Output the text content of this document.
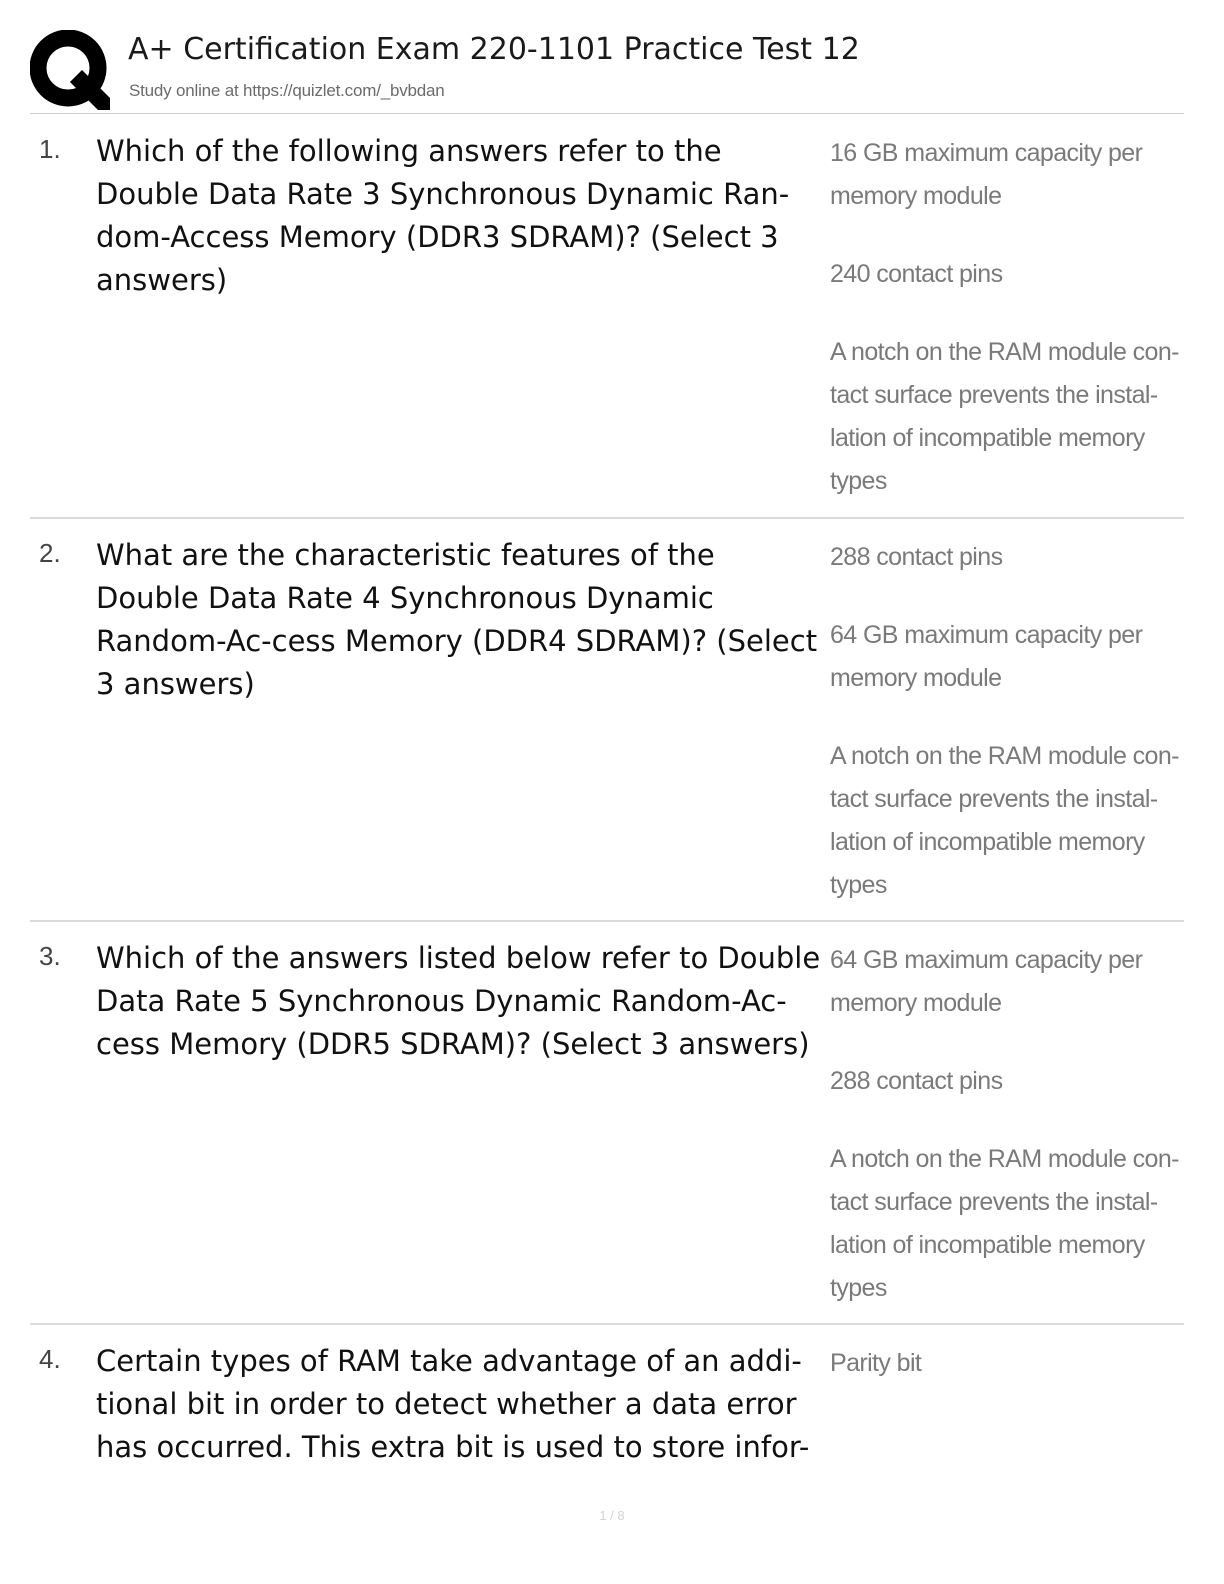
A+ Certification Exam 220-1101 Practice Test 12
Study online at https://quizlet.com/_bvbdan
1. Which of the following answers refer to the Double Data Rate 3 Synchronous Dynamic Ran-dom-Access Memory (DDR3 SDRAM)? (Select 3 answers)
16 GB maximum capacity per memory module
240 contact pins
A notch on the RAM module con-tact surface prevents the instal-lation of incompatible memory types
2. What are the characteristic features of the Double Data Rate 4 Synchronous Dynamic Random-Ac-cess Memory (DDR4 SDRAM)? (Select 3 answers)
288 contact pins
64 GB maximum capacity per memory module
A notch on the RAM module con-tact surface prevents the instal-lation of incompatible memory types
3. Which of the answers listed below refer to Double Data Rate 5 Synchronous Dynamic Random-Ac-cess Memory (DDR5 SDRAM)? (Select 3 answers)
64 GB maximum capacity per memory module
288 contact pins
A notch on the RAM module con-tact surface prevents the instal-lation of incompatible memory types
4. Certain types of RAM take advantage of an addi-tional bit in order to detect whether a data error has occurred. This extra bit is used to store infor-
Parity bit
1 / 8
